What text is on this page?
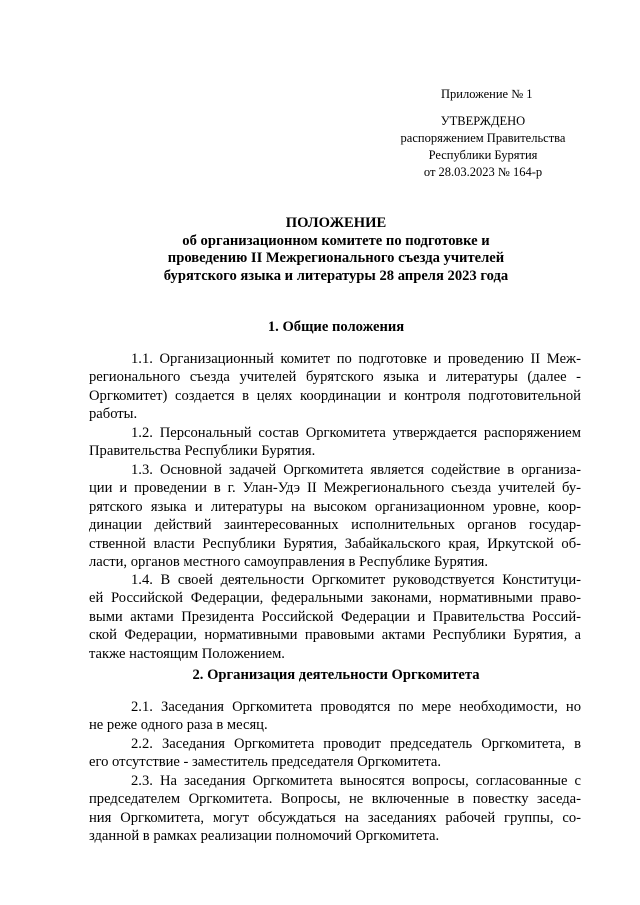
Приложение № 1
УТВЕРЖДЕНО
распоряжением Правительства
Республики Бурятия
от 28.03.2023 № 164-р
ПОЛОЖЕНИЕ
об организационном комитете по подготовке и
проведению II Межрегионального съезда учителей
бурятского языка и литературы 28 апреля 2023 года
1. Общие положения
1.1. Организационный комитет по подготовке и проведению II Меж-
регионального съезда учителей бурятского языка и литературы (далее -
Оргкомитет) создается в целях координации и контроля подготовительной
работы.
1.2. Персональный состав Оргкомитета утверждается распоряжением
Правительства Республики Бурятия.
1.3. Основной задачей Оргкомитета является содействие в организа-
ции и проведении в г. Улан-Удэ II Межрегионального съезда учителей бу-
рятского языка и литературы на высоком организационном уровне, коор-
динации действий заинтересованных исполнительных органов государ-
ственной власти Республики Бурятия, Забайкальского края, Иркутской об-
ласти, органов местного самоуправления в Республике Бурятия.
1.4. В своей деятельности Оргкомитет руководствуется Конституци-
ей Российской Федерации, федеральными законами, нормативными право-
выми актами Президента Российской Федерации и Правительства Россий-
ской Федерации, нормативными правовыми актами Республики Бурятия, а
также настоящим Положением.
2. Организация деятельности Оргкомитета
2.1. Заседания Оргкомитета проводятся по мере необходимости, но
не реже одного раза в месяц.
2.2. Заседания Оргкомитета проводит председатель Оргкомитета, в
его отсутствие - заместитель председателя Оргкомитета.
2.3. На заседания Оргкомитета выносятся вопросы, согласованные с
председателем Оргкомитета. Вопросы, не включенные в повестку заседа-
ния Оргкомитета, могут обсуждаться на заседаниях рабочей группы, со-
зданной в рамках реализации полномочий Оргкомитета.
